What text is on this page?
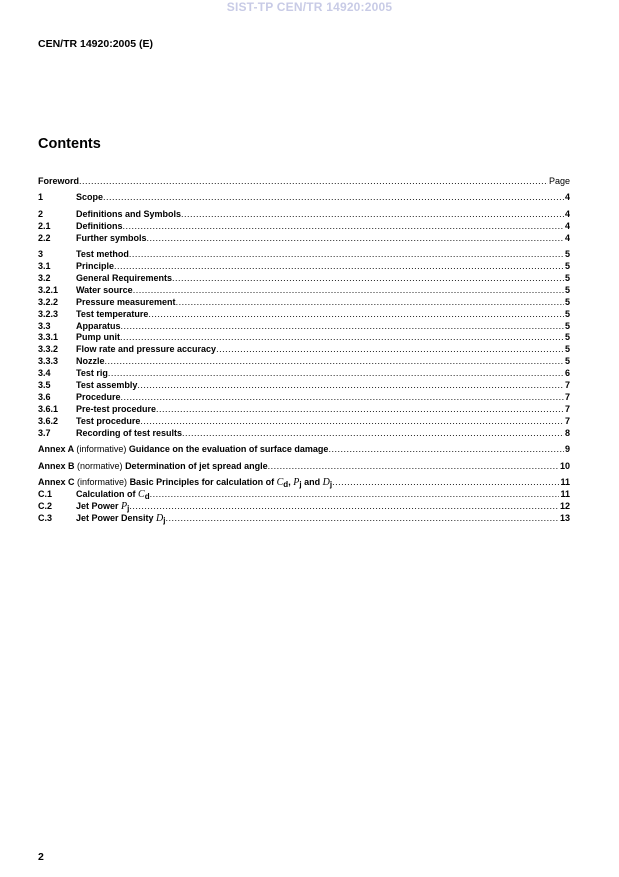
SIST-TP CEN/TR 14920:2005
CEN/TR 14920:2005 (E)
Contents
Foreword .....	Page
1	Scope .....	4
2	Definitions and Symbols .....	4
2.1	Definitions .....	4
2.2	Further symbols .....	4
3	Test method .....	5
3.1	Principle .....	5
3.2	General Requirements .....	5
3.2.1	Water source .....	5
3.2.2	Pressure measurement .....	5
3.2.3	Test temperature .....	5
3.3	Apparatus .....	5
3.3.1	Pump unit .....	5
3.3.2	Flow rate and pressure accuracy .....	5
3.3.3	Nozzle .....	5
3.4	Test rig .....	6
3.5	Test assembly .....	7
3.6	Procedure .....	7
3.6.1	Pre-test procedure .....	7
3.6.2	Test procedure .....	7
3.7	Recording of test results .....	8
Annex A (informative) Guidance on the evaluation of surface damage .....	9
Annex B (normative) Determination of jet spread angle .....	10
Annex C (informative) Basic Principles for calculation of $C_d$, $P_j$ and $D_j$ .....	11
C.1	Calculation of $C_d$ .....	11
C.2	Jet Power $P_j$ .....	12
C.3	Jet Power Density $D_j$ .....	13
2
